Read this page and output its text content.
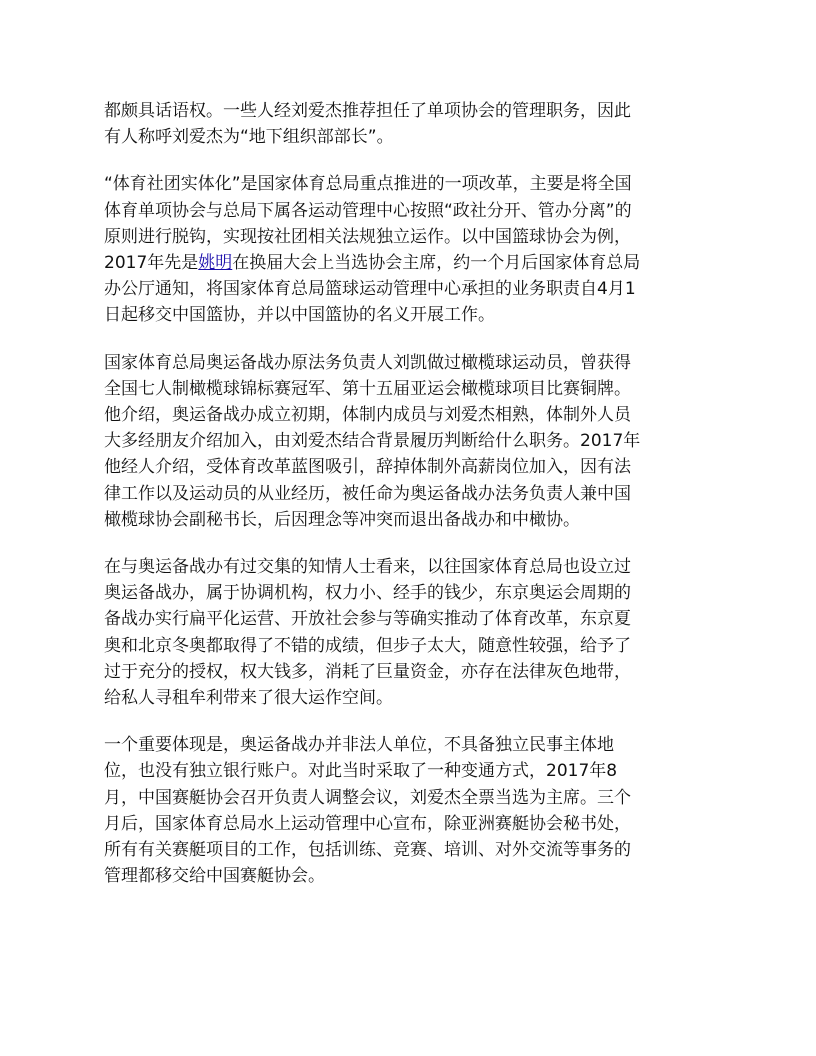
都颇具话语权。一些人经刘爱杰推荐担任了单项协会的管理职务，因此
有人称呼刘爱杰为“地下组织部部长”。

“体育社团实体化”是国家体育总局重点推进的一项改革，主要是将全国
体育单项协会与总局下属各运动管理中心按照“政社分开、管办分离”的
原则进行脱钩，实现按社团相关法规独立运作。以中国篮球协会为例，
2017年先是姚明在换届大会上当选协会主席，约一个月后国家体育总局
办公厅通知，将国家体育总局篮球运动管理中心承担的业务职责自4月1
日起移交中国篮协，并以中国篮协的名义开展工作。

国家体育总局奥运备战办原法务负责人刘凯做过橄榄球运动员，曾获得
全国七人制橄榄球锦标赛冠军、第十五届亚运会橄榄球项目比赛铜牌。
他介绍，奥运备战办成立初期，体制内成员与刘爱杰相熟，体制外人员
大多经朋友介绍加入，由刘爱杰结合背景履历判断给什么职务。2017年
他经人介绍，受体育改革蓝图吸引，辞掉体制外高薪岗位加入，因有法
律工作以及运动员的从业经历，被任命为奥运备战办法务负责人兼中国
橄榄球协会副秘书长，后因理念等冲突而退出备战办和中橄协。

在与奥运备战办有过交集的知情人士看来，以往国家体育总局也设立过
奥运备战办，属于协调机构，权力小、经手的钱少，东京奥运会周期的
备战办实行扁平化运营、开放社会参与等确实推动了体育改革，东京夏
奥和北京冬奥都取得了不错的成绩，但步子太大，随意性较强，给予了
过于充分的授权，权大钱多，消耗了巨量资金，亦存在法律灰色地带，
给私人寻租牟利带来了很大运作空间。

一个重要体现是，奥运备战办并非法人单位，不具备独立民事主体地
位，也没有独立银行账户。对此当时采取了一种变通方式，2017年8
月，中国赛艇协会召开负责人调整会议，刘爱杰全票当选为主席。三个
月后，国家体育总局水上运动管理中心宣布，除亚洲赛艇协会秘书处，
所有有关赛艇项目的工作，包括训练、竞赛、培训、对外交流等事务的
管理都移交给中国赛艇协会。
